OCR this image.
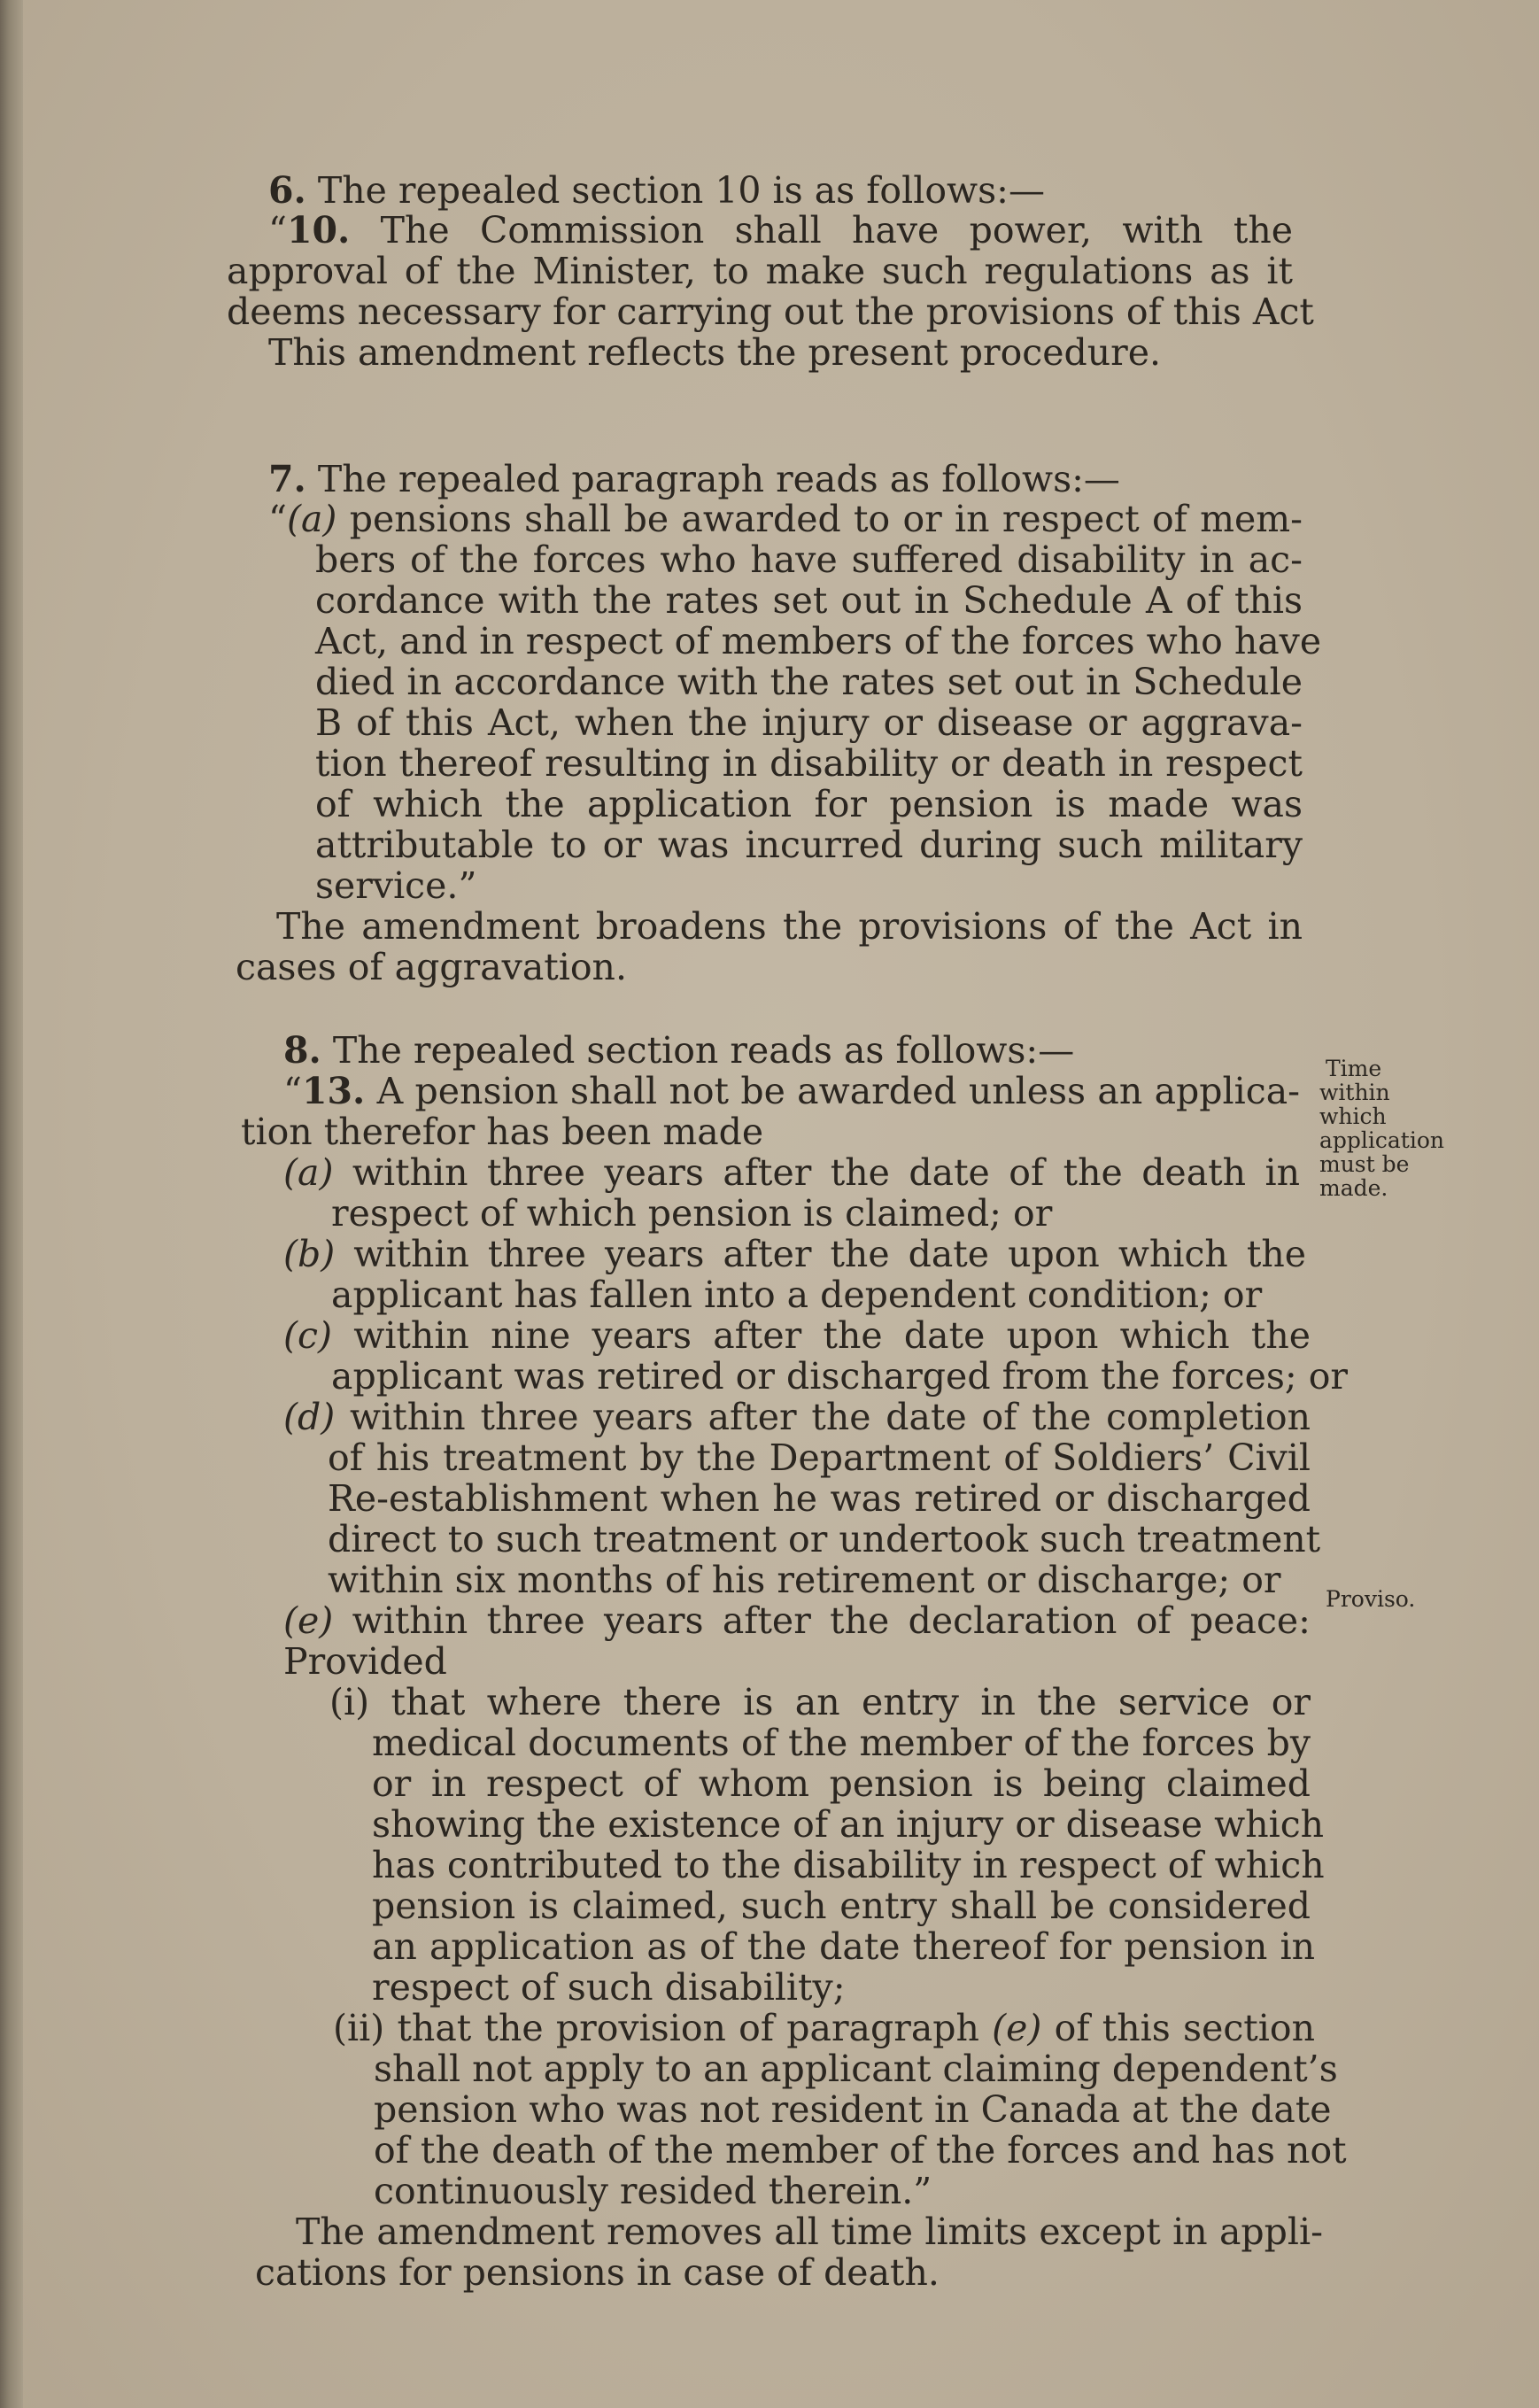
6. The repealed section 10 is as follows:—
“10. The Commission shall have power, with the
approval of the Minister, to make such regulations as it
deems necessary for carrying out the provisions of this Act
This amendment reflects the present procedure.
7. The repealed paragraph reads as follows:—
“(a) pensions shall be awarded to or in respect of mem-
bers of the forces who have suffered disability in ac-
cordance with the rates set out in Schedule A of this
Act, and in respect of members of the forces who have
died in accordance with the rates set out in Schedule
B of this Act, when the injury or disease or aggrava-
tion thereof resulting in disability or death in respect
of which the application for pension is made was
attributable to or was incurred during such military
service.”
The amendment broadens the provisions of the Act in
cases of aggravation.
8. The repealed section reads as follows:—
“13. A pension shall not be awarded unless an applica-
tion therefor has been made
(a) within three years after the date of the death in
respect of which pension is claimed; or
(b) within three years after the date upon which the
applicant has fallen into a dependent condition; or
(c) within nine years after the date upon which the
applicant was retired or discharged from the forces; or
(d) within three years after the date of the completion
of his treatment by the Department of Soldiers’ Civil
Re-establishment when he was retired or discharged
direct to such treatment or undertook such treatment
within six months of his retirement or discharge; or
(e) within three years after the declaration of peace:
Provided
(i) that where there is an entry in the service or
medical documents of the member of the forces by
or in respect of whom pension is being claimed
showing the existence of an injury or disease which
has contributed to the disability in respect of which
pension is claimed, such entry shall be considered
an application as of the date thereof for pension in
respect of such disability;
(ii) that the provision of paragraph (e) of this section
shall not apply to an applicant claiming dependent’s
pension who was not resident in Canada at the date
of the death of the member of the forces and has not
continuously resided therein.”
The amendment removes all time limits except in appli-
cations for pensions in case of death.
Time
within
which
application
must be
made.
Proviso.
